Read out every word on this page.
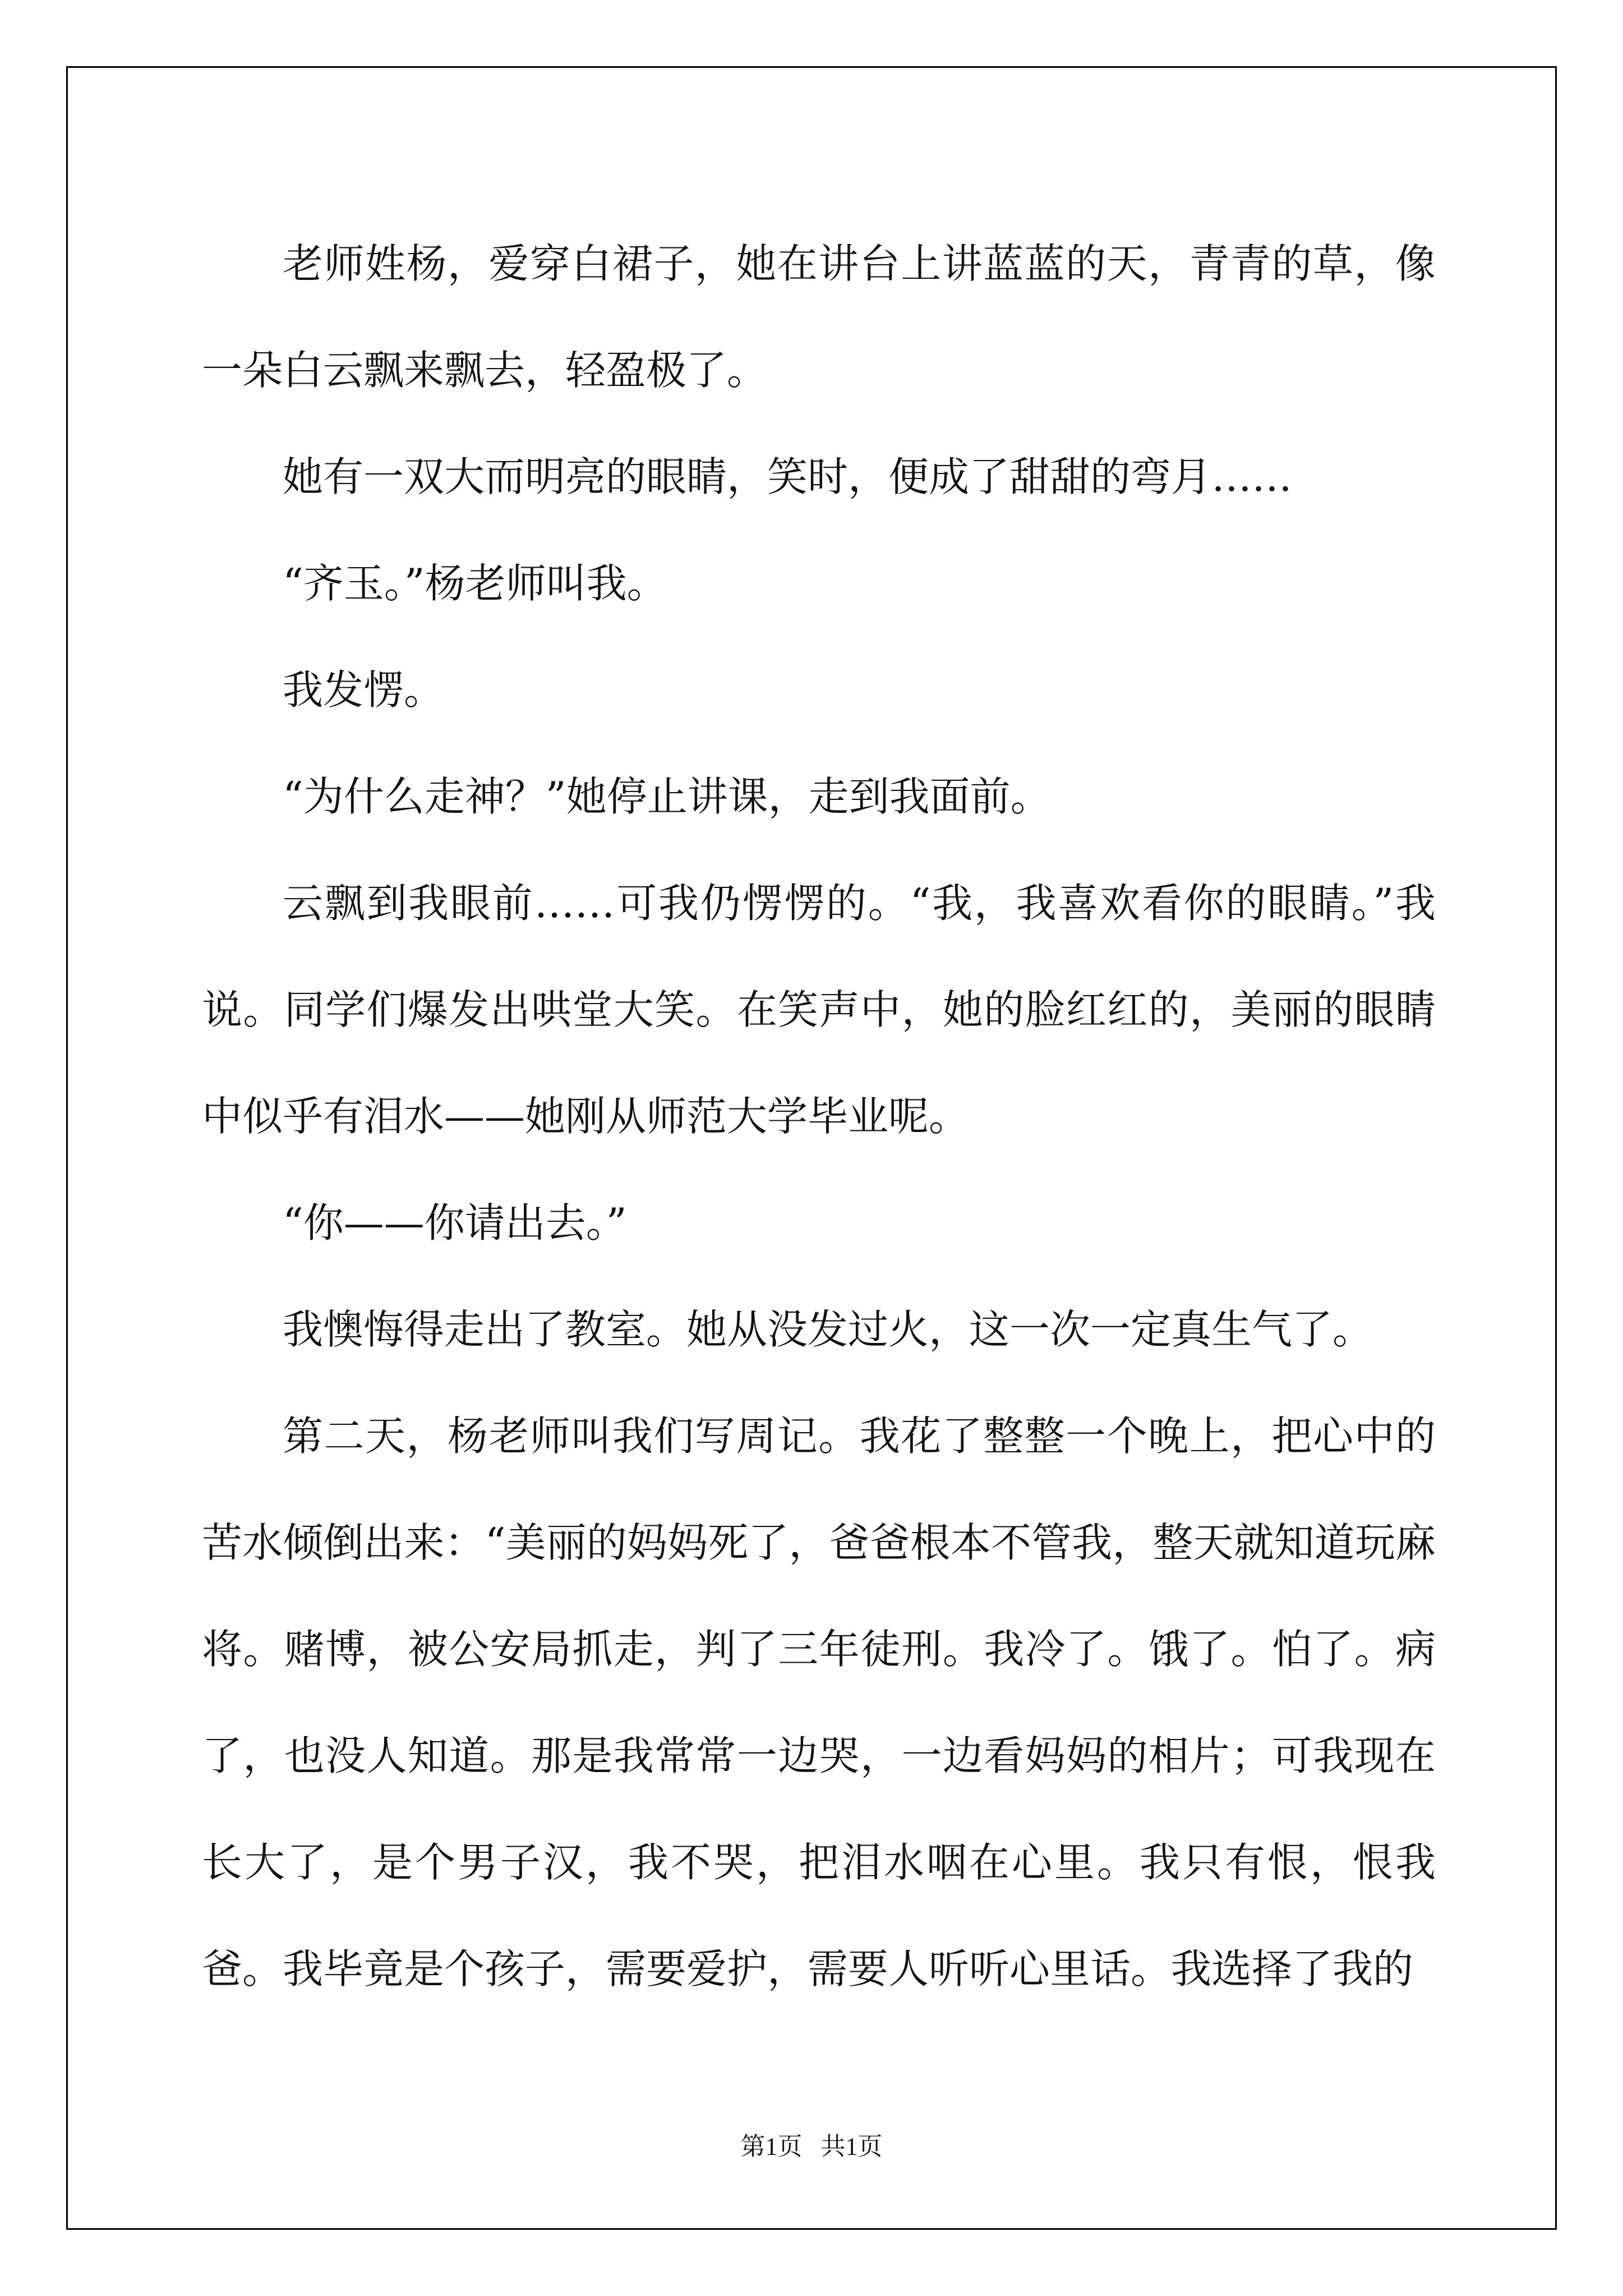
老师姓杨，爱穿白裙子，她在讲台上讲蓝蓝的天，青青的草，像一朵白云飘来飘去，轻盈极了。

她有一双大而明亮的眼睛，笑时，便成了甜甜的弯月……

“齐玉。”杨老师叫我。

我发愣。

“为什么走神？”她停止讲课，走到我面前。

云飘到我眼前……可我仍愣愣的。“我，我喜欢看你的眼睛。”我说。同学们爆发出哄堂大笑。在笑声中，她的脸红红的，美丽的眼睛中似乎有泪水——她刚从师范大学毕业呢。

“你——你请出去。”

我懊悔得走出了教室。她从没发过火，这一次一定真生气了。

第二天，杨老师叫我们写周记。我花了整整一个晚上，把心中的苦水倾倒出来：“美丽的妈妈死了，爸爸根本不管我，整天就知道玩麻将。赌博，被公安局抓走，判了三年徒刑。我冷了。饿了。怕了。病了，也没人知道。那是我常常一边哭，一边看妈妈的相片；可我现在长大了，是个男子汉，我不哭，把泪水咽在心里。我只有恨，恨我爸。我毕竟是个孩子，需要爱护，需要人听听心里话。我选择了我的

第1页   共1页
